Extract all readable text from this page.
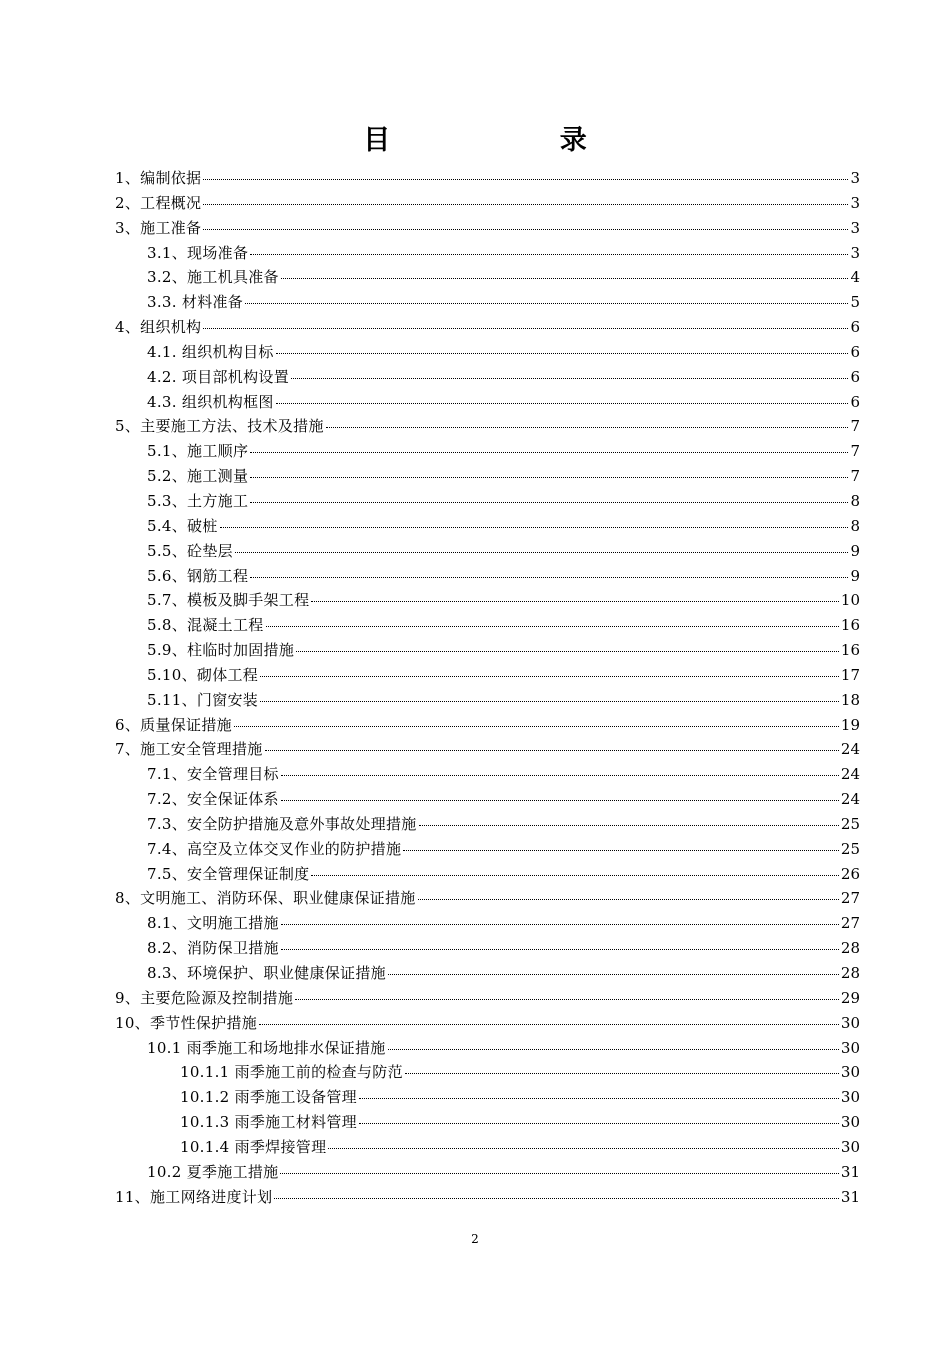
目 录
1、编制依据	3
2、工程概况	3
3、施工准备	3
3.1、现场准备	3
3.2、施工机具准备	4
3.3. 材料准备	5
4、组织机构	6
4.1. 组织机构目标	6
4.2. 项目部机构设置	6
4.3. 组织机构框图	6
5、主要施工方法、技术及措施	7
5.1、施工顺序	7
5.2、施工测量	7
5.3、土方施工	8
5.4、破桩	8
5.5、砼垫层	9
5.6、钢筋工程	9
5.7、模板及脚手架工程	10
5.8、混凝土工程	16
5.9、柱临时加固措施	16
5.10、砌体工程	17
5.11、门窗安装	18
6、质量保证措施	19
7、施工安全管理措施	24
7.1、安全管理目标	24
7.2、安全保证体系	24
7.3、安全防护措施及意外事故处理措施	25
7.4、高空及立体交叉作业的防护措施	25
7.5、安全管理保证制度	26
8、文明施工、消防环保、职业健康保证措施	27
8.1、文明施工措施	27
8.2、消防保卫措施	28
8.3、环境保护、职业健康保证措施	28
9、主要危险源及控制措施	29
10、季节性保护措施	30
10.1 雨季施工和场地排水保证措施	30
10.1.1 雨季施工前的检查与防范	30
10.1.2 雨季施工设备管理	30
10.1.3 雨季施工材料管理	30
10.1.4 雨季焊接管理	30
10.2 夏季施工措施	31
11、施工网络进度计划	31
2
